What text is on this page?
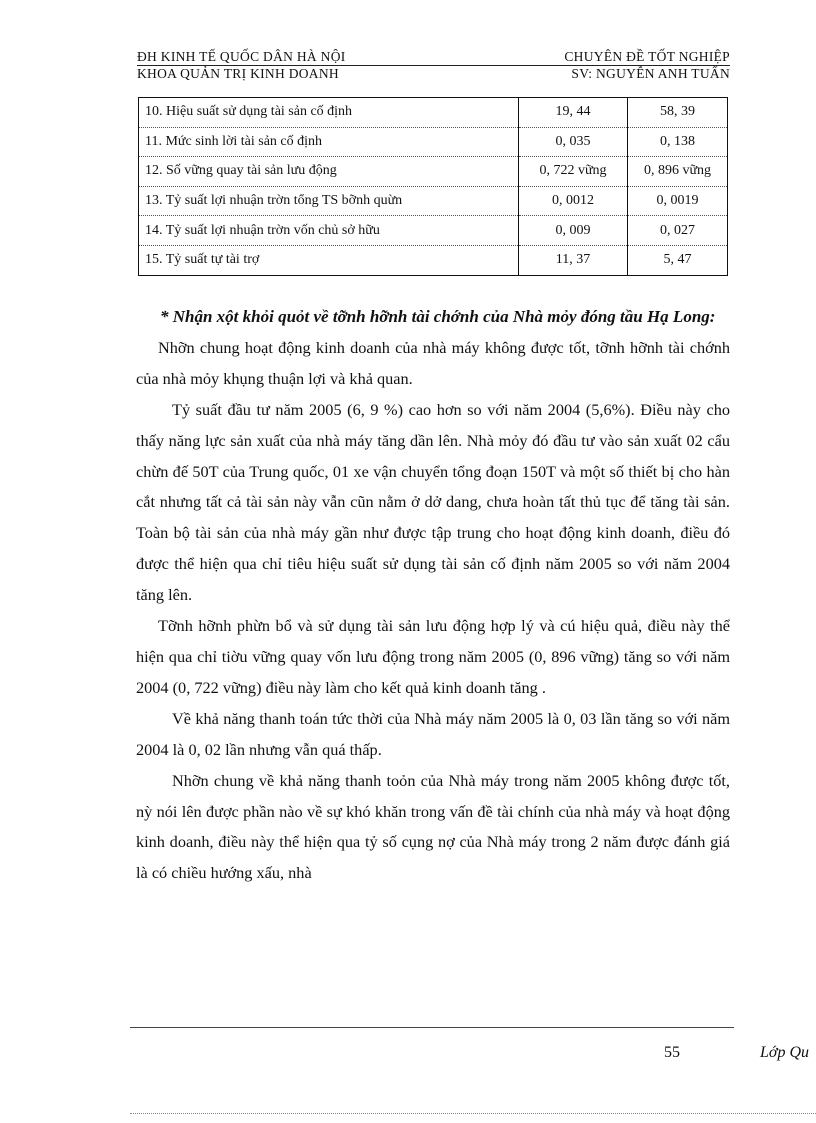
ĐH KINH TẾ QUỐC DÂN HÀ NỘI	CHUYÊN ĐỀ TỐT NGHIỆP
KHOA QUẢN TRỊ KINH DOANH	SV: NGUYỄN ANH TUẤN
10. Hiệu suất sử dụng tài sản cố định	19, 44	58, 39
11. Mức sinh lời tài sản cố định	0, 035	0, 138
12. Số vững quay tài sản lưu động	0, 722 vững	0, 896 vững
13. Tỷ suất lợi nhuận trờn tổng TS bỡnh quừn	0, 0012	0, 0019
14. Tỷ suất lợi nhuận trờn vốn chủ sở hữu	0, 009	0, 027
15. Tỷ suất tự tài trợ	11, 37	5, 47

* Nhận xột khỏi quỏt về tỡnh hỡnh tài chớnh của Nhà mỏy đóng tầu Hạ Long:

Nhỡn chung hoạt động kinh doanh của nhà máy không được tốt, tỡnh hỡnh tài chớnh của nhà mỏy khụng thuận lợi và khả quan.

Tỷ suất đầu tư năm 2005 (6, 9 %) cao hơn so với năm 2004 (5,6%). Điều này cho thấy năng lực sản xuất của nhà máy tăng dần lên. Nhà mỏy đó đầu tư vào sản xuất 02 cẩu chừn đế 50T của Trung quốc, 01 xe vận chuyển tổng đoạn 150T và một số thiết bị cho hàn cắt nhưng tất cả tài sản này vẫn cũn nằm ở dở dang, chưa hoàn tất thủ tục để tăng tài sản. Toàn bộ tài sản của nhà máy gần như được tập trung cho hoạt động kinh doanh, điều đó được thể hiện qua chỉ tiêu hiệu suất sử dụng tài sản cố định năm 2005 so với năm 2004 tăng lên.

Tỡnh hỡnh phừn bổ và sử dụng tài sản lưu động hợp lý và cú hiệu quả, điều này thể hiện qua chỉ tiờu vững quay vốn lưu động trong năm 2005 (0, 896 vững) tăng so với năm 2004 (0, 722 vững) điều này làm cho kết quả kinh doanh tăng .

Về khả năng thanh toán tức thời của Nhà máy năm 2005 là 0, 03 lần tăng so với năm 2004 là 0, 02 lần nhưng vẫn quá thấp.

Nhỡn chung về khả năng thanh toỏn của Nhà máy trong năm 2005 không được tốt, nỳ nói lên được phần nào về sự khó khăn trong vấn đề tài chính của nhà máy và hoạt động kinh doanh, điều này thể hiện qua tỷ số cụng nợ của Nhà máy trong 2 năm được đánh giá là có chiều hướng xấu, nhà

55	Lớp Qu
